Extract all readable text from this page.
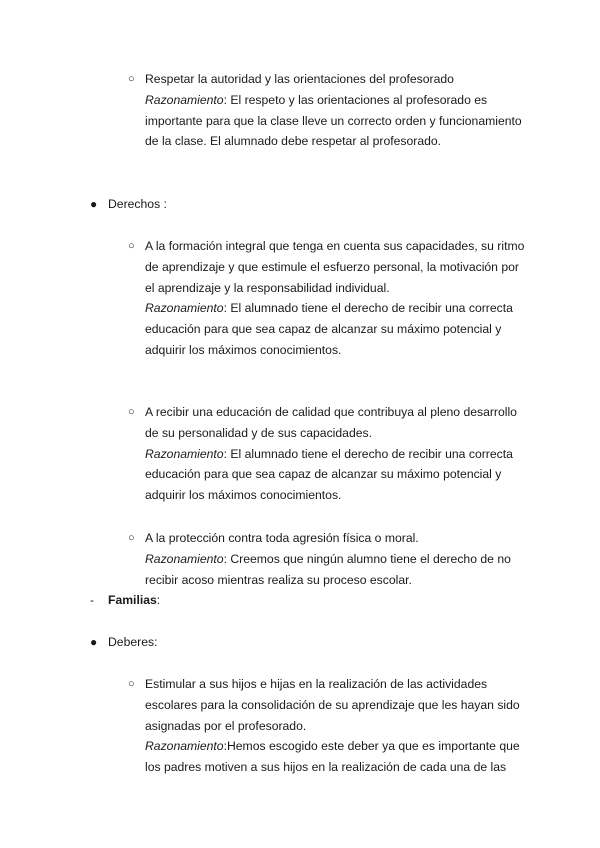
○ Respetar la autoridad y las orientaciones del profesorado
Razonamiento: El respeto y las orientaciones al profesorado es
importante para que la clase lleve un correcto orden y funcionamiento
de la clase. El alumnado debe respetar al profesorado.
● Derechos :
○ A la formación integral que tenga en cuenta sus capacidades, su ritmo
de aprendizaje y que estimule el esfuerzo personal, la motivación por
el aprendizaje y la responsabilidad individual.
Razonamiento: El alumnado tiene el derecho de recibir una correcta
educación para que sea capaz de alcanzar su máximo potencial y
adquirir los máximos conocimientos.
○ A recibir una educación de calidad que contribuya al pleno desarrollo
de su personalidad y de sus capacidades.
Razonamiento: El alumnado tiene el derecho de recibir una correcta
educación para que sea capaz de alcanzar su máximo potencial y
adquirir los máximos conocimientos.
○ A la protección contra toda agresión física o moral.
Razonamiento: Creemos que ningún alumno tiene el derecho de no
recibir acoso mientras realiza su proceso escolar.
- Familias:
● Deberes:
○ Estimular a sus hijos e hijas en la realización de las actividades
escolares para la consolidación de su aprendizaje que les hayan sido
asignadas por el profesorado.
Razonamiento:Hemos escogido este deber ya que es importante que
los padres motiven a sus hijos en la realización de cada una de las
